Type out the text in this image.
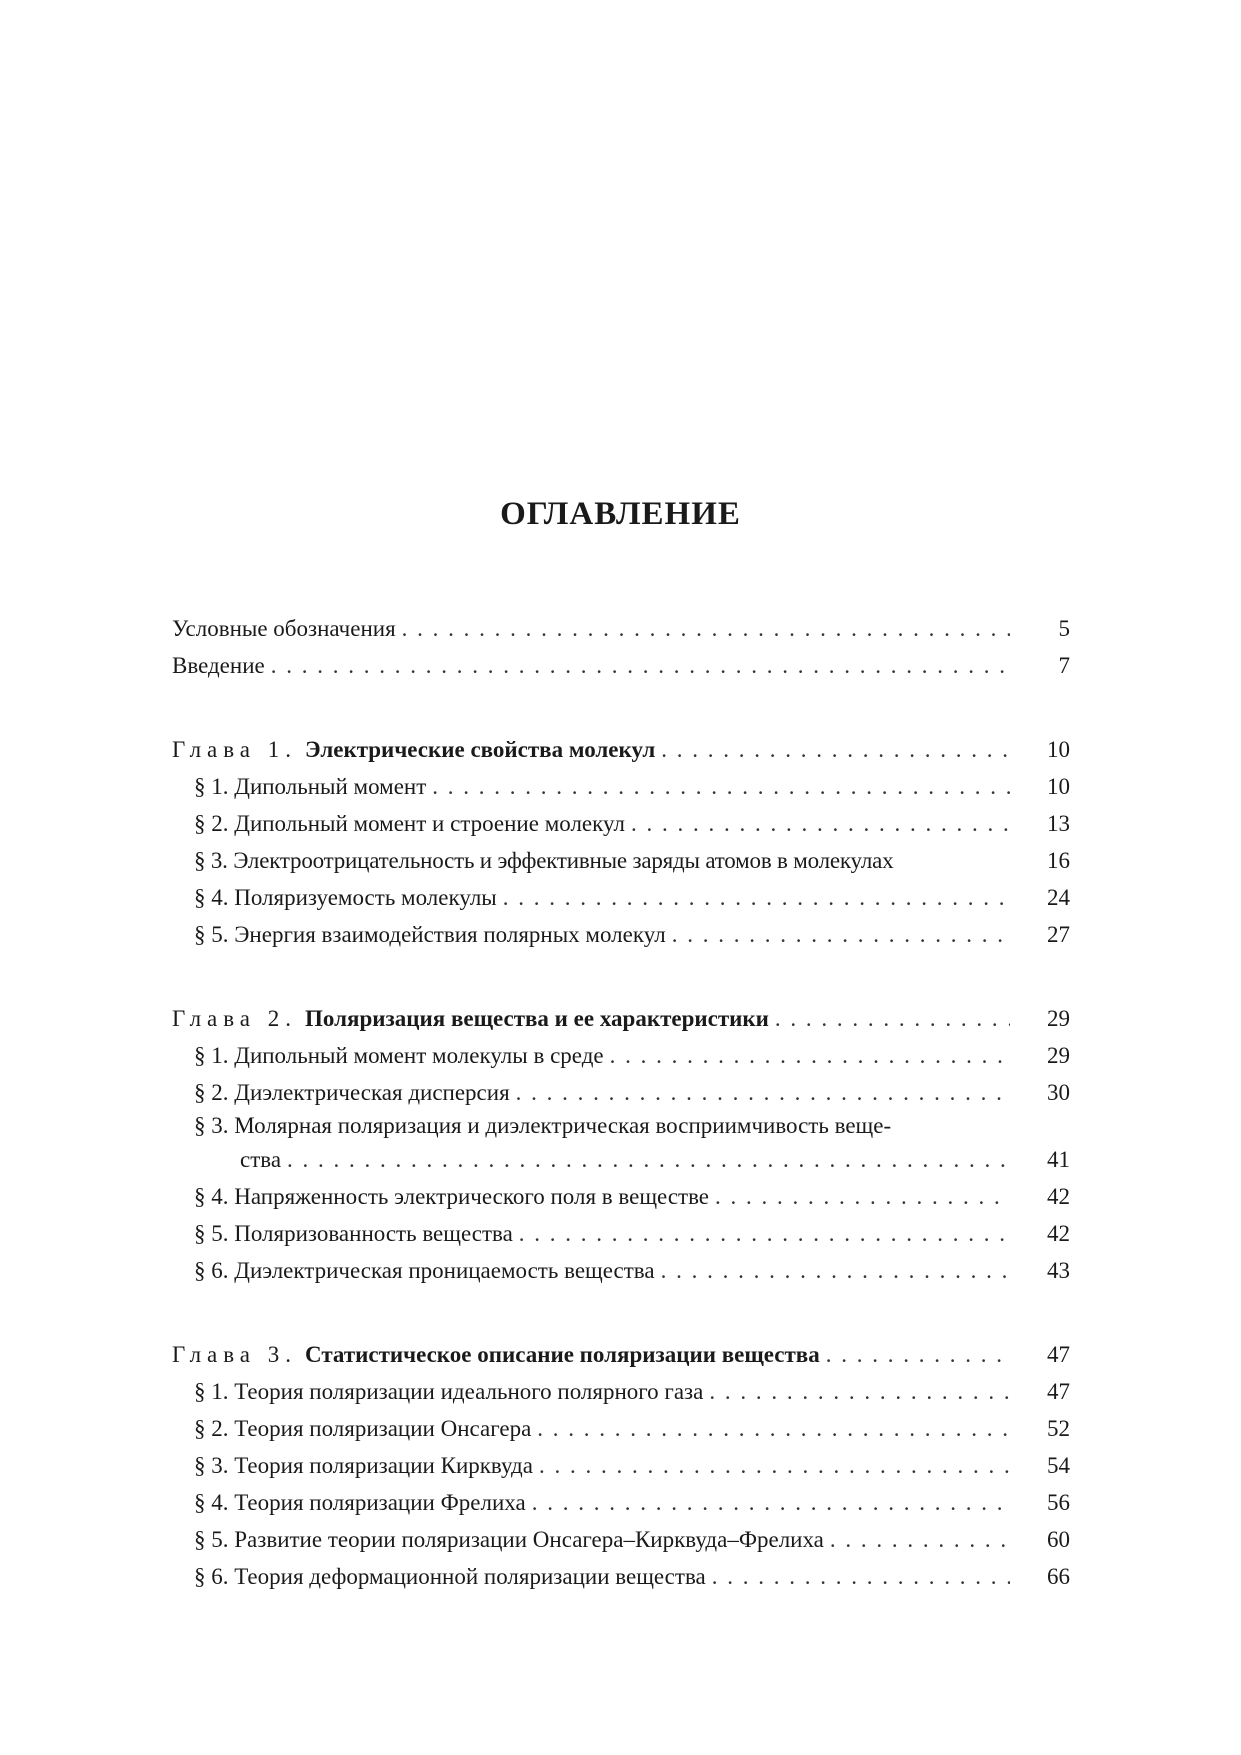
ОГЛАВЛЕНИЕ
Условные обозначения . . .	5
Введение . . .	7
Глава 1. Электрические свойства молекул . . .	10
§ 1. Дипольный момент . . .	10
§ 2. Дипольный момент и строение молекул . . .	13
§ 3. Электроотрицательность и эффективные заряды атомов в молекулах	16
§ 4. Поляризуемость молекулы . . .	24
§ 5. Энергия взаимодействия полярных молекул . . .	27
Глава 2. Поляризация вещества и ее характеристики . . .	29
§ 1. Дипольный момент молекулы в среде . . .	29
§ 2. Диэлектрическая дисперсия . . .	30
§ 3. Молярная поляризация и диэлектрическая восприимчивость веще-
ства . . .	41
§ 4. Напряженность электрического поля в веществе . . .	42
§ 5. Поляризованность вещества . . .	42
§ 6. Диэлектрическая проницаемость вещества . . .	43
Глава 3. Статистическое описание поляризации вещества . . .	47
§ 1. Теория поляризации идеального полярного газа . . .	47
§ 2. Теория поляризации Онсагера . . .	52
§ 3. Теория поляризации Кирквуда . . .	54
§ 4. Теория поляризации Фрелиха . . .	56
§ 5. Развитие теории поляризации Онсагера–Кирквуда–Фрелиха . . .	60
§ 6. Теория деформационной поляризации вещества . . .	66
